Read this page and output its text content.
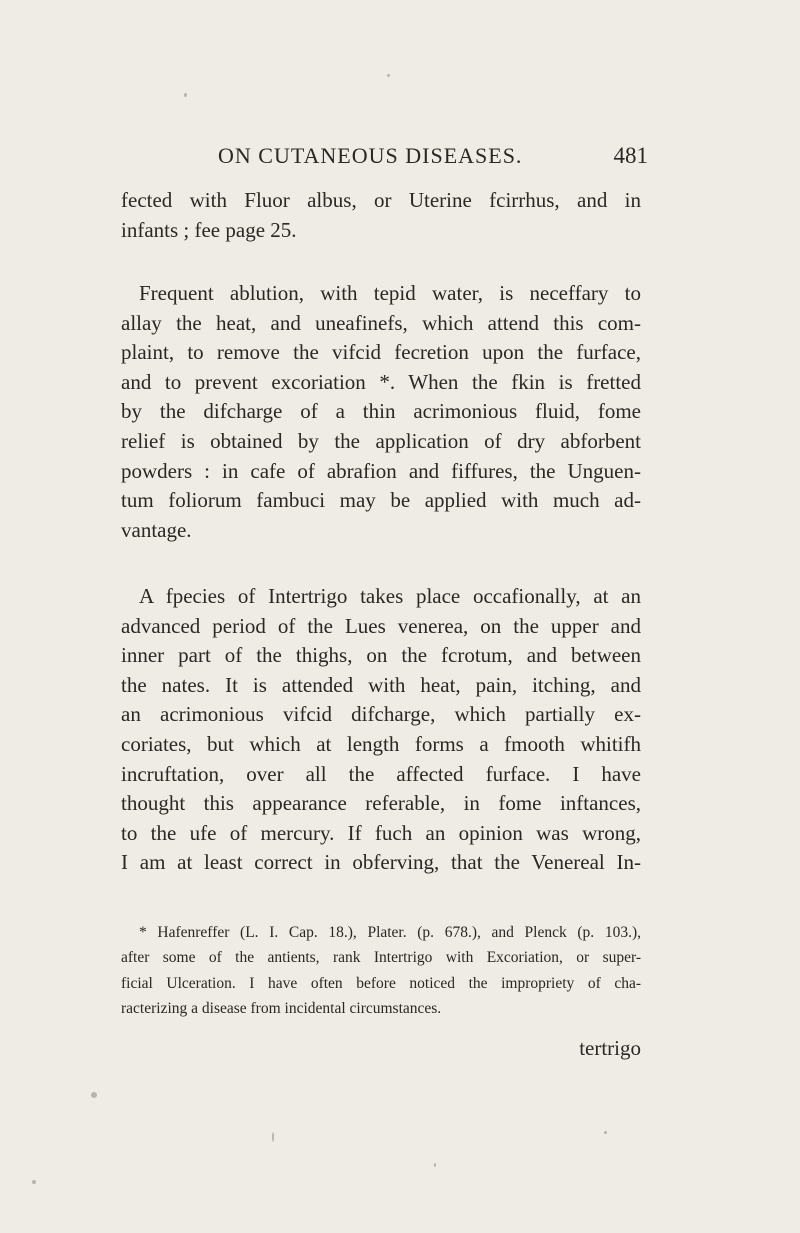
ON CUTANEOUS DISEASES.	481
fected with Fluor albus, or Uterine fcirrhus, and in
infants ; fee page 25.
Frequent ablution, with tepid water, is neceffary to
allay the heat, and uneafinefs, which attend this com-
plaint, to remove the vifcid fecretion upon the furface,
and to prevent excoriation *. When the fkin is fretted
by the difcharge of a thin acrimonious fluid, fome
relief is obtained by the application of dry abforbent
powders : in cafe of abrafion and fiffures, the Unguen-
tum foliorum fambuci may be applied with much ad-
vantage.
A fpecies of Intertrigo takes place occafionally, at an
advanced period of the Lues venerea, on the upper and
inner part of the thighs, on the fcrotum, and between
the nates. It is attended with heat, pain, itching, and
an acrimonious vifcid difcharge, which partially ex-
coriates, but which at length forms a fmooth whitifh
incruftation, over all the affected furface. I have
thought this appearance referable, in fome inftances,
to the ufe of mercury. If fuch an opinion was wrong,
I am at least correct in obferving, that the Venereal In-
* Hafenreffer (L. I. Cap. 18.), Plater. (p. 678.), and Plenck (p. 103.),
after some of the antients, rank Intertrigo with Excoriation, or super-
ficial Ulceration. I have often before noticed the impropriety of cha-
racterizing a disease from incidental circumstances.
tertrigo
